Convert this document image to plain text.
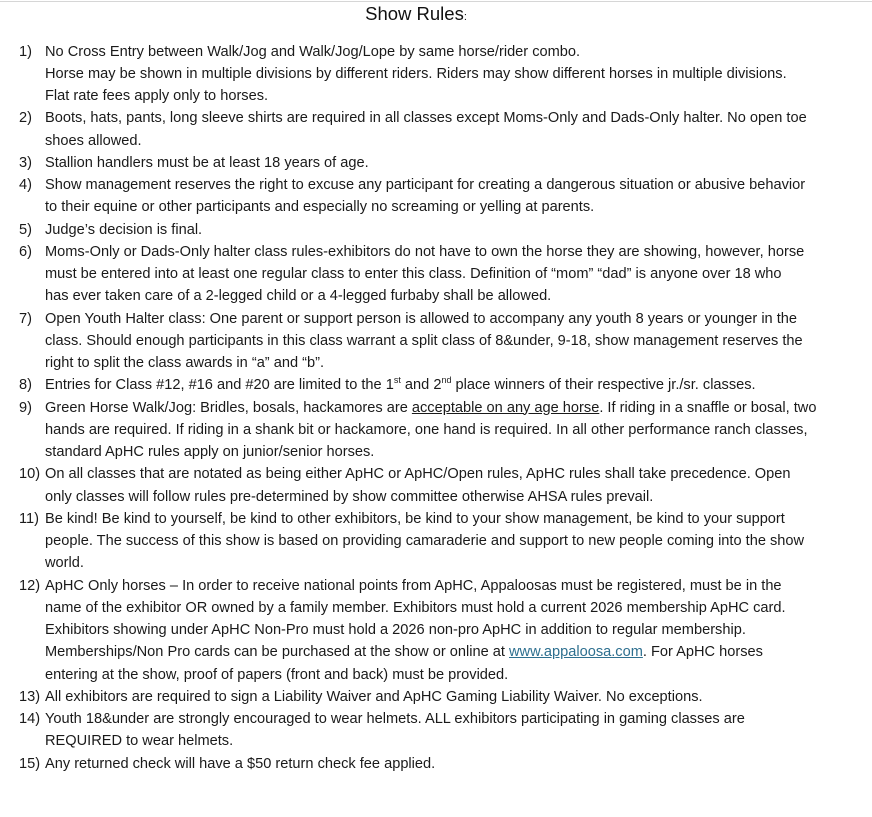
Show Rules:
1) No Cross Entry between Walk/Jog and Walk/Jog/Lope by same horse/rider combo.
Horse may be shown in multiple divisions by different riders. Riders may show different horses in multiple divisions.
Flat rate fees apply only to horses.
2) Boots, hats, pants, long sleeve shirts are required in all classes except Moms-Only and Dads-Only halter. No open toe
shoes allowed.
3) Stallion handlers must be at least 18 years of age.
4) Show management reserves the right to excuse any participant for creating a dangerous situation or abusive behavior
to their equine or other participants and especially no screaming or yelling at parents.
5) Judge’s decision is final.
6) Moms-Only or Dads-Only halter class rules-exhibitors do not have to own the horse they are showing, however, horse
must be entered into at least one regular class to enter this class. Definition of “mom” “dad” is anyone over 18 who
has ever taken care of a 2-legged child or a 4-legged furbaby shall be allowed.
7) Open Youth Halter class: One parent or support person is allowed to accompany any youth 8 years or younger in the
class. Should enough participants in this class warrant a split class of 8&under, 9-18, show management reserves the
right to split the class awards in “a” and “b”.
8) Entries for Class #12, #16 and #20 are limited to the 1st and 2nd place winners of their respective jr./sr. classes.
9) Green Horse Walk/Jog: Bridles, bosals, hackamores are acceptable on any age horse. If riding in a snaffle or bosal, two
hands are required. If riding in a shank bit or hackamore, one hand is required. In all other performance ranch classes,
standard ApHC rules apply on junior/senior horses.
10) On all classes that are notated as being either ApHC or ApHC/Open rules, ApHC rules shall take precedence. Open
only classes will follow rules pre-determined by show committee otherwise AHSA rules prevail.
11) Be kind! Be kind to yourself, be kind to other exhibitors, be kind to your show management, be kind to your support
people. The success of this show is based on providing camaraderie and support to new people coming into the show
world.
12) ApHC Only horses – In order to receive national points from ApHC, Appaloosas must be registered, must be in the
name of the exhibitor OR owned by a family member. Exhibitors must hold a current 2026 membership ApHC card.
Exhibitors showing under ApHC Non-Pro must hold a 2026 non-pro ApHC in addition to regular membership.
Memberships/Non Pro cards can be purchased at the show or online at www.appaloosa.com. For ApHC horses
entering at the show, proof of papers (front and back) must be provided.
13) All exhibitors are required to sign a Liability Waiver and ApHC Gaming Liability Waiver. No exceptions.
14) Youth 18&under are strongly encouraged to wear helmets. ALL exhibitors participating in gaming classes are
REQUIRED to wear helmets.
15) Any returned check will have a $50 return check fee applied.
